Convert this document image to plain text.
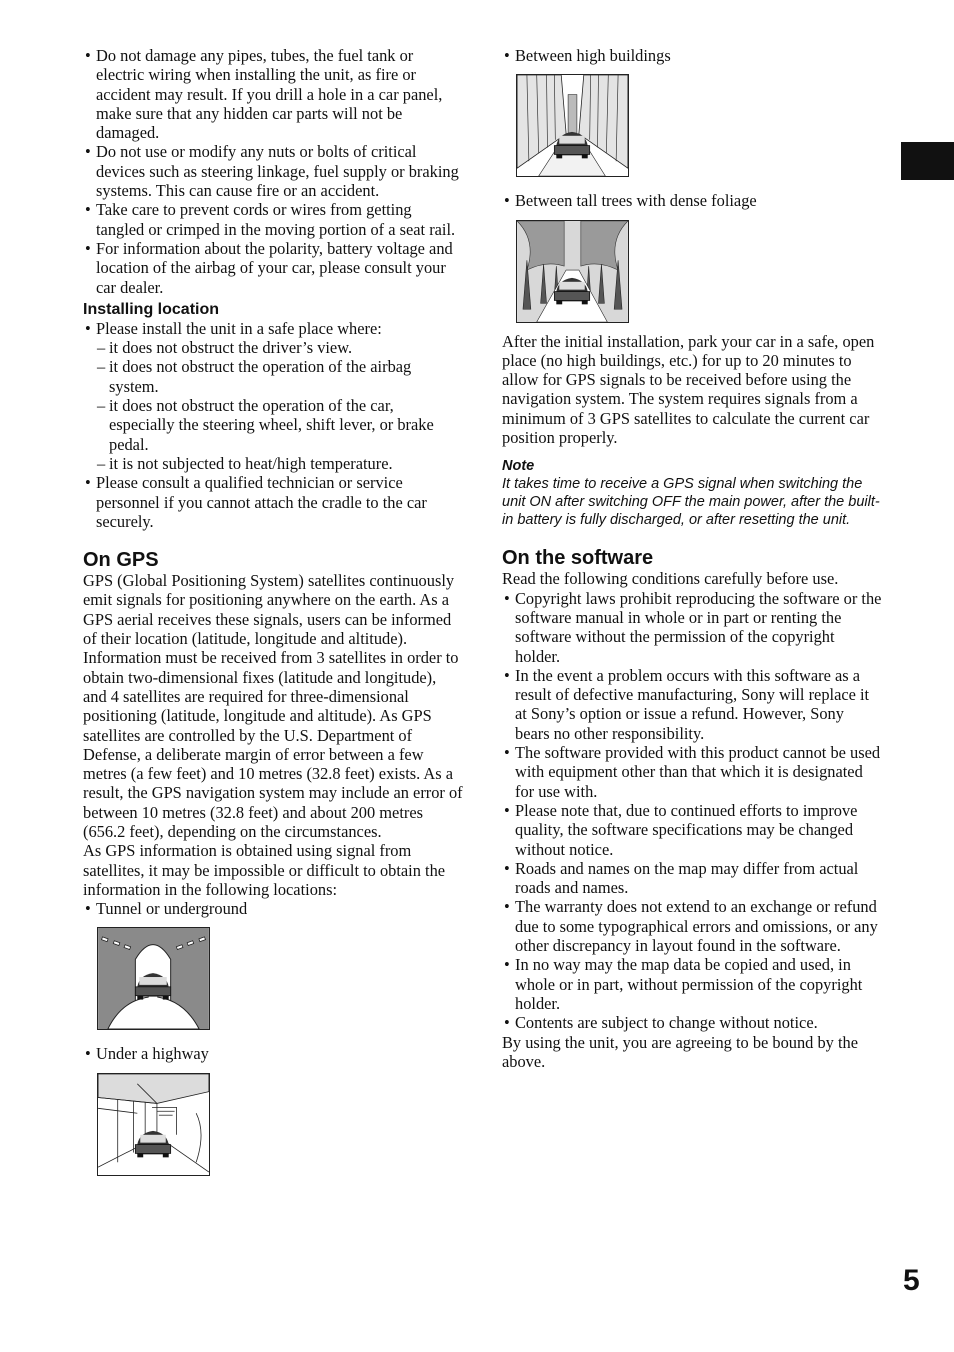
• Do not damage any pipes, tubes, the fuel tank or electric wiring when installing the unit, as fire or accident may result. If you drill a hole in a car panel, make sure that any hidden car parts will not be damaged.
• Do not use or modify any nuts or bolts of critical devices such as steering linkage, fuel supply or braking systems. This can cause fire or an accident.
• Take care to prevent cords or wires from getting tangled or crimped in the moving portion of a seat rail.
• For information about the polarity, battery voltage and location of the airbag of your car, please consult your car dealer.
Installing location
• Please install the unit in a safe place where:
– it does not obstruct the driver’s view.
– it does not obstruct the operation of the airbag system.
– it does not obstruct the operation of the car, especially the steering wheel, shift lever, or brake pedal.
– it is not subjected to heat/high temperature.
• Please consult a qualified technician or service personnel if you cannot attach the cradle to the car securely.
On GPS

GPS (Global Positioning System) satellites continuously emit signals for positioning anywhere on the earth. As a GPS aerial receives these signals, users can be informed of their location (latitude, longitude and altitude). Information must be received from 3 satellites in order to obtain two-dimensional fixes (latitude and longitude), and 4 satellites are required for three-dimensional positioning (latitude, longitude and altitude). As GPS satellites are controlled by the U.S. Department of Defense, a deliberate margin of error between a few metres (a few feet) and 10 metres (32.8 feet) exists. As a result, the GPS navigation system may include an error of between 10 metres (32.8 feet) and about 200 metres (656.2 feet), depending on the circumstances.

As GPS information is obtained using signal from satellites, it may be impossible or difficult to obtain the information in the following locations:

• Tunnel or underground
• Under a highway
• Between high buildings
• Between tall trees with dense foliage

After the initial installation, park your car in a safe, open place (no high buildings, etc.) for up to 20 minutes to allow for GPS signals to be received before using the navigation system. The system requires signals from a minimum of 3 GPS satellites to calculate the current car position properly.

Note
It takes time to receive a GPS signal when switching the unit ON after switching OFF the main power, after the built-in battery is fully discharged, or after resetting the unit.
On the software

Read the following conditions carefully before use.

• Copyright laws prohibit reproducing the software or the software manual in whole or in part or renting the software without the permission of the copyright holder.
• In the event a problem occurs with this software as a result of defective manufacturing, Sony will replace it at Sony’s option or issue a refund. However, Sony bears no other responsibility.
• The software provided with this product cannot be used with equipment other than that which it is designated for use with.
• Please note that, due to continued efforts to improve quality, the software specifications may be changed without notice.
• Roads and names on the map may differ from actual roads and names.
• The warranty does not extend to an exchange or refund due to some typographical errors and omissions, or any other discrepancy in layout found in the software.
• In no way may the map data be copied and used, in whole or in part, without permission of the copyright holder.
• Contents are subject to change without notice.

By using the unit, you are agreeing to be bound by the above.

5
